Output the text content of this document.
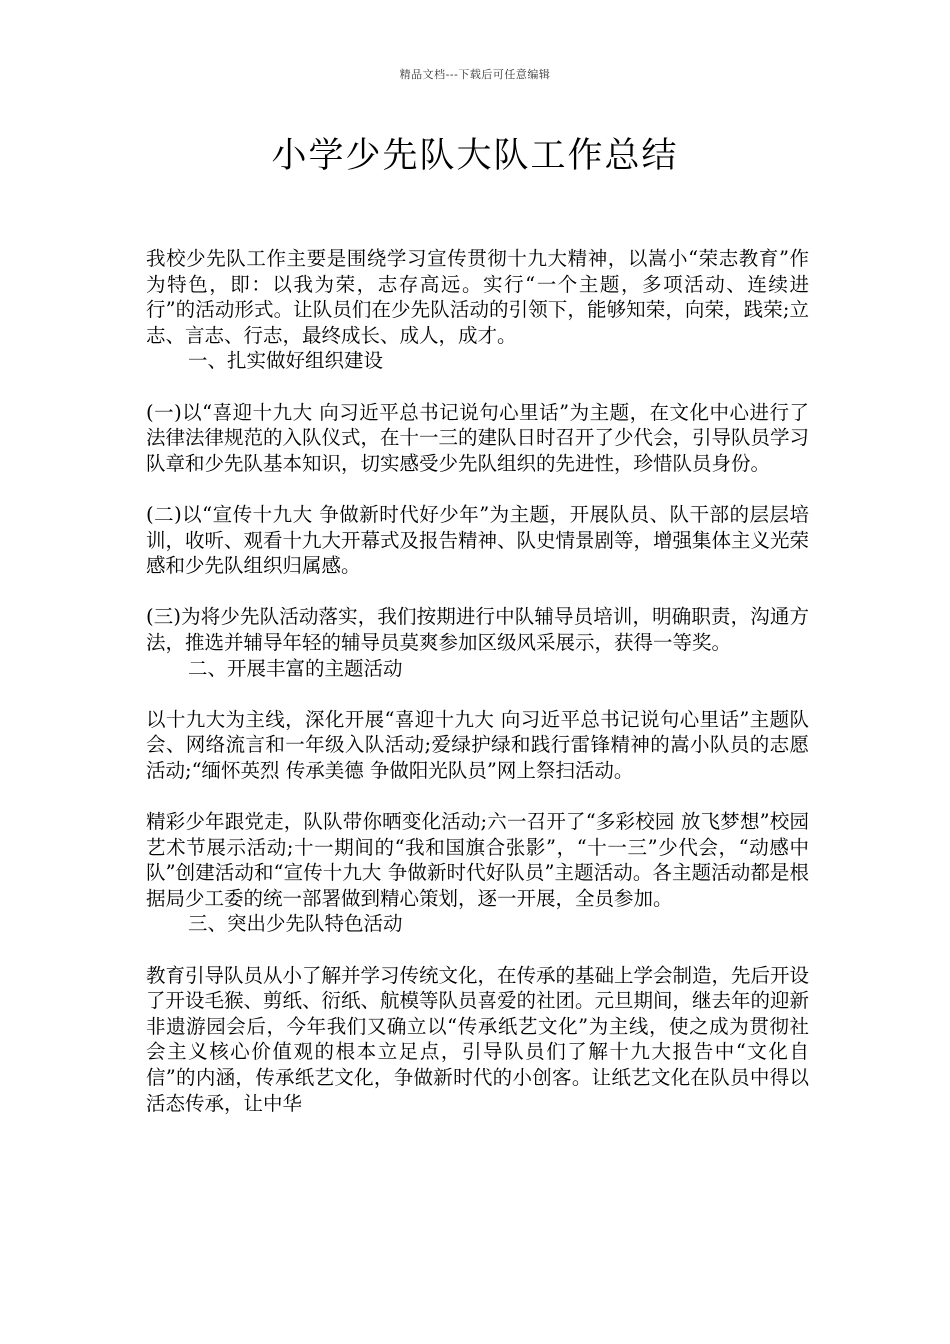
精品文档---下载后可任意编辑
小学少先队大队工作总结

我校少先队工作主要是围绕学习宣传贯彻十九大精神，以嵩小“荣志教育”作为特色，即：以我为荣，志存高远。实行“一个主题，多项活动、连续进行”的活动形式。让队员们在少先队活动的引领下，能够知荣，向荣，践荣;立志、言志、行志，最终成长、成人，成才。

一、扎实做好组织建设

(一)以“喜迎十九大 向习近平总书记说句心里话”为主题，在文化中心进行了法律法律规范的入队仪式，在十一三的建队日时召开了少代会，引导队员学习队章和少先队基本知识，切实感受少先队组织的先进性，珍惜队员身份。

(二)以“宣传十九大 争做新时代好少年”为主题，开展队员、队干部的层层培训，收听、观看十九大开幕式及报告精神、队史情景剧等，增强集体主义光荣感和少先队组织归属感。

(三)为将少先队活动落实，我们按期进行中队辅导员培训，明确职责，沟通方法，推选并辅导年轻的辅导员莫爽参加区级风采展示，获得一等奖。

二、开展丰富的主题活动

以十九大为主线，深化开展“喜迎十九大 向习近平总书记说句心里话”主题队会、网络流言和一年级入队活动;爱绿护绿和践行雷锋精神的嵩小队员的志愿活动;“缅怀英烈 传承美德 争做阳光队员”网上祭扫活动。

精彩少年跟党走，队队带你晒变化活动;六一召开了“多彩校园 放飞梦想”校园艺术节展示活动;十一期间的“我和国旗合张影”，“十一三”少代会，“动感中队”创建活动和“宣传十九大 争做新时代好队员”主题活动。各主题活动都是根据局少工委的统一部署做到精心策划，逐一开展，全员参加。

三、突出少先队特色活动

教育引导队员从小了解并学习传统文化，在传承的基础上学会制造，先后开设了开设毛猴、剪纸、衍纸、航模等队员喜爱的社团。元旦期间，继去年的迎新非遗游园会后，今年我们又确立以“传承纸艺文化”为主线，使之成为贯彻社会主义核心价值观的根本立足点，引导队员们了解十九大报告中“文化自信”的内涵，传承纸艺文化，争做新时代的小创客。让纸艺文化在队员中得以活态传承，让中华
